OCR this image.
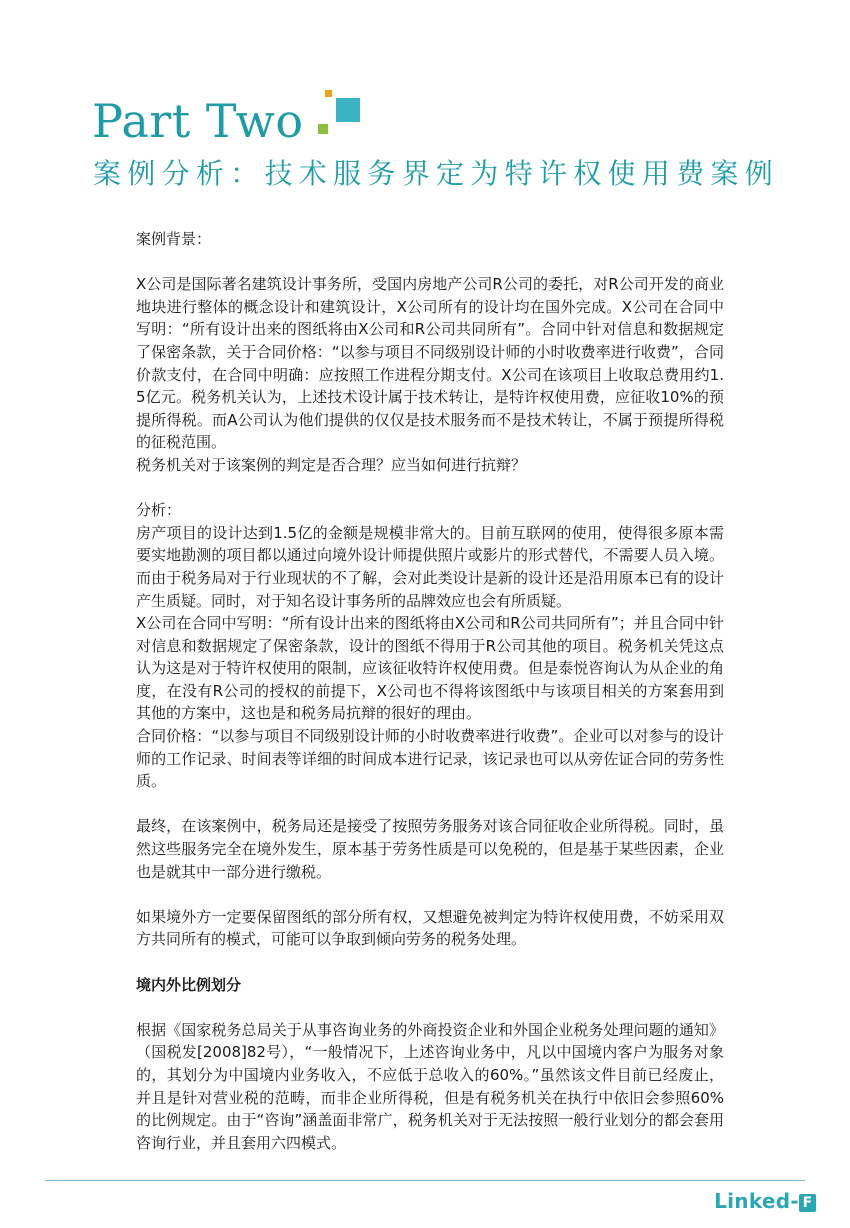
Part Two
案例分析：技术服务界定为特许权使用费案例

案例背景：

X公司是国际著名建筑设计事务所，受国内房地产公司R公司的委托，对R公司开发的商业地块进行整体的概念设计和建筑设计，X公司所有的设计均在国外完成。X公司在合同中写明：“所有设计出来的图纸将由X公司和R公司共同所有”。合同中针对信息和数据规定了保密条款，关于合同价格：“以参与项目不同级别设计师的小时收费率进行收费”，合同价款支付，在合同中明确：应按照工作进程分期支付。X公司在该项目上收取总费用约1.5亿元。税务机关认为，上述技术设计属于技术转让，是特许权使用费，应征收10%的预提所得税。而A公司认为他们提供的仅仅是技术服务而不是技术转让，不属于预提所得税的征税范围。

税务机关对于该案例的判定是否合理？应当如何进行抗辩？

分析：

房产项目的设计达到1.5亿的金额是规模非常大的。目前互联网的使用，使得很多原本需要实地勘测的项目都以通过向境外设计师提供照片或影片的形式替代，不需要人员入境。而由于税务局对于行业现状的不了解，会对此类设计是新的设计还是沿用原本已有的设计产生质疑。同时，对于知名设计事务所的品牌效应也会有所质疑。

X公司在合同中写明：“所有设计出来的图纸将由X公司和R公司共同所有”；并且合同中针对信息和数据规定了保密条款，设计的图纸不得用于R公司其他的项目。税务机关凭这点认为这是对于特许权使用的限制，应该征收特许权使用费。但是泰悦咨询认为从企业的角度，在没有R公司的授权的前提下，X公司也不得将该图纸中与该项目相关的方案套用到其他的方案中，这也是和税务局抗辩的很好的理由。

合同价格：“以参与项目不同级别设计师的小时收费率进行收费”。企业可以对参与的设计师的工作记录、时间表等详细的时间成本进行记录，该记录也可以从旁佐证合同的劳务性质。

最终，在该案例中，税务局还是接受了按照劳务服务对该合同征收企业所得税。同时，虽然这些服务完全在境外发生，原本基于劳务性质是可以免税的，但是基于某些因素，企业也是就其中一部分进行缴税。

如果境外方一定要保留图纸的部分所有权，又想避免被判定为特许权使用费，不妨采用双方共同所有的模式，可能可以争取到倾向劳务的税务处理。

境内外比例划分

根据《国家税务总局关于从事咨询业务的外商投资企业和外国企业税务处理问题的通知》（国税发[2008]82号），“一般情况下，上述咨询业务中，凡以中国境内客户为服务对象的，其划分为中国境内业务收入，不应低于总收入的60%。”虽然该文件目前已经废止，并且是针对营业税的范畴，而非企业所得税，但是有税务机关在执行中依旧会参照60%的比例规定。由于“咨询”涵盖面非常广，税务机关对于无法按照一般行业划分的都会套用咨询行业，并且套用六四模式。

Linked- F
